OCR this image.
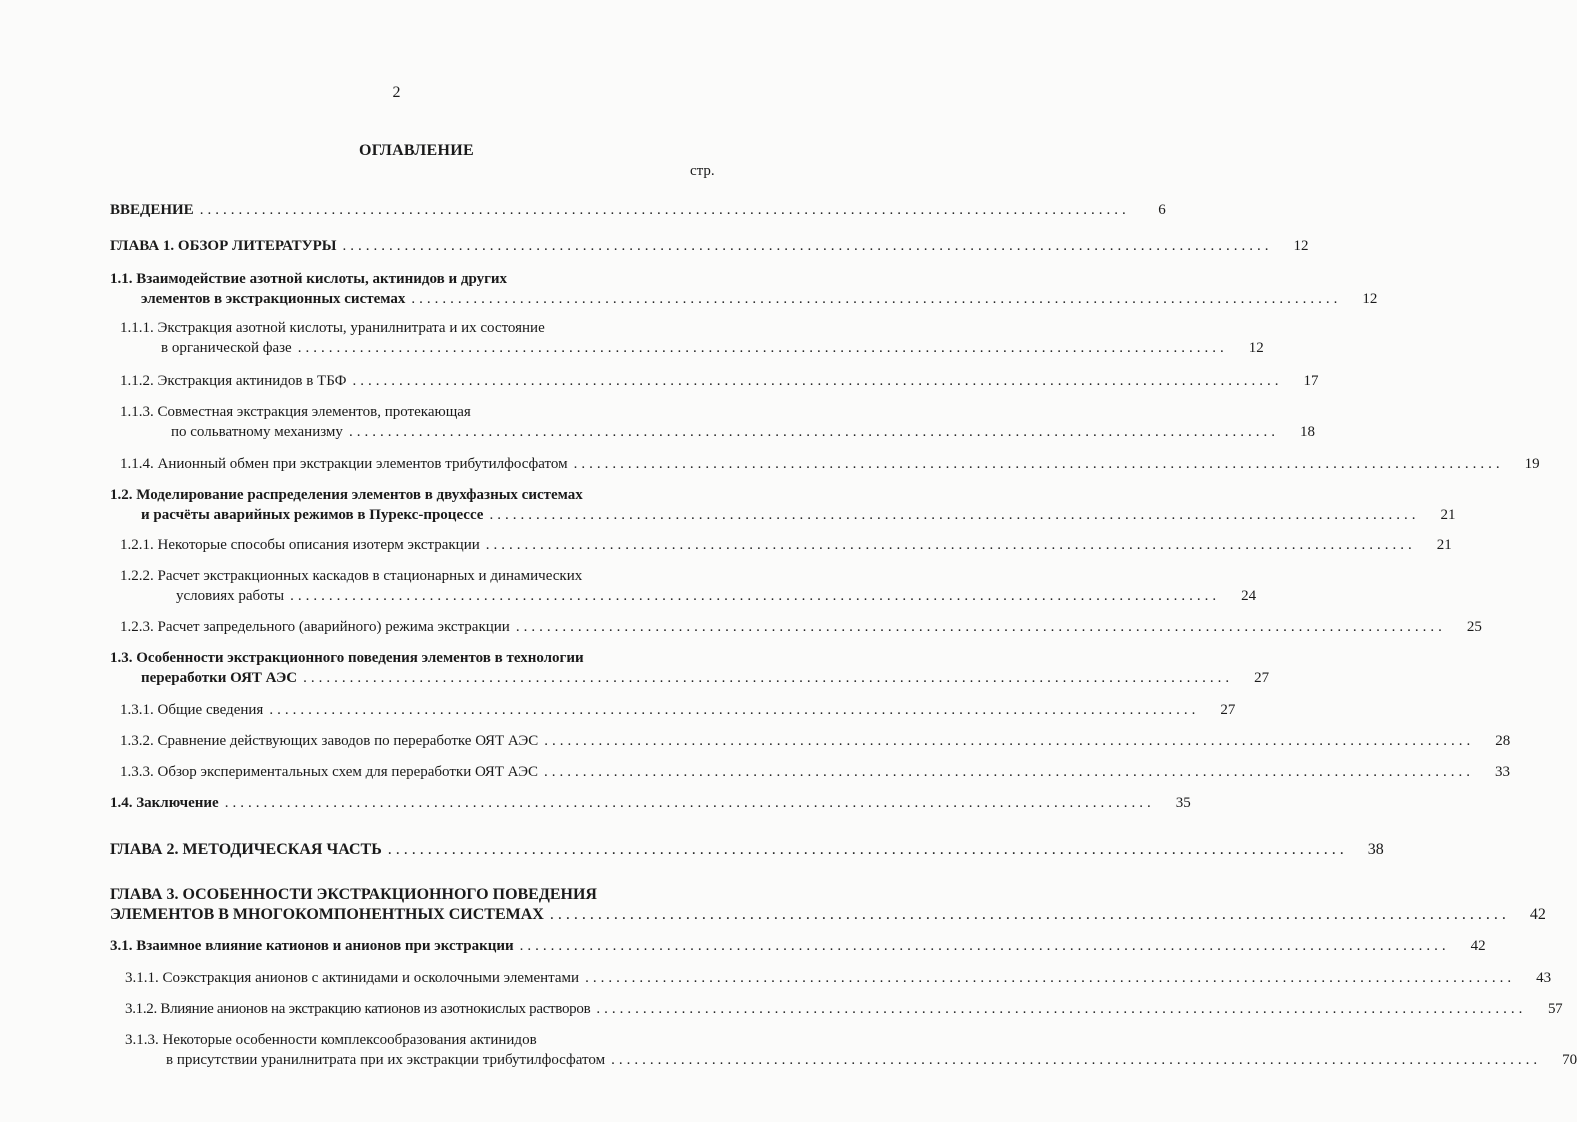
2
ОГЛАВЛЕНИЕ
стр.
ВВЕДЕНИЕ ........................................................................................................................	6
ГЛАВА 1. ОБЗОР ЛИТЕРАТУРЫ ........................................................................................................................	12
1.1. Взаимодействие азотной кислоты, актинидов и других
элементов в экстракционных системах ........................................................................................................................	12
1.1.1. Экстракция азотной кислоты, уранилнитрата и их состояние
в органической фазе ........................................................................................................................	12
1.1.2. Экстракция актинидов в ТБФ ........................................................................................................................	17
1.1.3. Совместная экстракция элементов, протекающая
по сольватному механизму ........................................................................................................................	18
1.1.4. Анионный обмен при экстракции элементов трибутилфосфатом ........................................................................................................................	19
1.2. Моделирование распределения элементов в двухфазных системах
и расчёты аварийных режимов в Пурекс-процессе ........................................................................................................................	21
1.2.1. Некоторые способы описания изотерм экстракции ........................................................................................................................	21
1.2.2. Расчет экстракционных каскадов в стационарных и динамических
условиях работы ........................................................................................................................	24
1.2.3. Расчет запредельного (аварийного) режима экстракции ........................................................................................................................	25
1.3. Особенности экстракционного поведения элементов в технологии
переработки ОЯТ АЭС ........................................................................................................................	27
1.3.1. Общие сведения ........................................................................................................................	27
1.3.2. Сравнение действующих заводов по переработке ОЯТ АЭС ........................................................................................................................	28
1.3.3. Обзор экспериментальных схем для переработки ОЯТ АЭС ........................................................................................................................	33
1.4. Заключение ........................................................................................................................	35
ГЛАВА 2. МЕТОДИЧЕСКАЯ ЧАСТЬ ........................................................................................................................	38
ГЛАВА 3. ОСОБЕННОСТИ ЭКСТРАКЦИОННОГО ПОВЕДЕНИЯ
ЭЛЕМЕНТОВ В МНОГОКОМПОНЕНТНЫХ СИСТЕМАХ ........................................................................................................................	42
3.1. Взаимное влияние катионов и анионов при экстракции ........................................................................................................................	42
3.1.1. Соэкстракция анионов с актинидами и осколочными элементами ........................................................................................................................	43
3.1.2. Влияние анионов на экстракцию катионов из азотнокислых растворов ........................................................................................................................	57
3.1.3. Некоторые особенности комплексообразования актинидов
в присутствии уранилнитрата при их экстракции трибутилфосфатом ........................................................................................................................	70
